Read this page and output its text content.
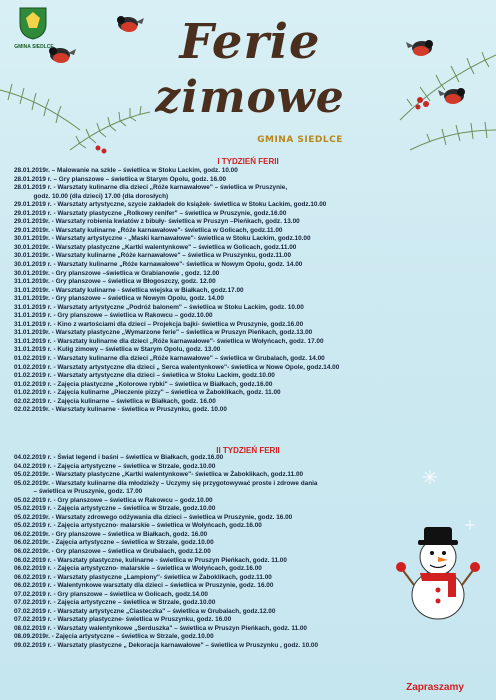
GMINA SIEDLCE	Ferie
zimowe
GMINA SIEDLCE
I TYDZIEŃ FERII
28.01.2019r. – Malowanie na szkle – świetlica w Stoku Lackim, godz. 10.00
28.01.2019 r. – Gry planszowe – świetlica w Starym Opolu, godz. 16.00
28.01.2019 r. - Warsztaty kulinarne dla dzieci „Róże karnawałowe" – świetlica w Pruszynie,
godz. 10.00 (dla dzieci) 17.00 (dla dorosłych)
29.01.2019 r. - Warsztaty artystyczne, szycie zakładek do książek- świetlica w Stoku Lackim, godz.10.00
29.01.2019 r. - Warsztaty plastyczne „Rolkowy renifer" – świetlica w Pruszynie, godz.16.00
29.01.2019r. - Warsztaty robienia kwiatów z bibuły- świetlica w Pruszyn –Pieńkach, godz. 13.00
29.01.2019r. - Warsztaty kulinarne „Róże karnawałowe"- świetlica w Golicach, godz.11.00
30.01.2019r. - Warsztaty artystyczne - „Maski karnawałowe"- świetlica w Stoku Lackim, godz.10.00
30.01.2019r. - Warsztaty plastyczne „Kartki walentynkowe" – świetlica w Golicach, godz.11.00
30.01.2019r. - Warsztaty kulinarne „Róże karnawałowe" – świetlica w Pruszynku, godz.11.00
30.01.2019 r. - Warsztaty kulinarne „Róże karnawałowe"- świetlica w Nowym Opolu, godz. 14.00
30.01.2019r. - Gry planszowe –świetlica w Grabianowie , godz. 12.00
31.01.2019r. - Gry planszowe – świetlica w Błogoszczy, godz. 12.00
31.01.2019r. - Warsztaty kulinarne - świetlica wiejska w Białkach, godz.17.00
31.01.2019r. - Gry planszowe – świetlica w Nowym Opolu, godz. 14.00
31.01.2019 r. - Warsztaty artystyczne „Podróż balonem" – świetlica w Stoku Lackim, godz. 10.00
31.01.2019 r. - Gry planszowe – świetlica w Rakowcu – godz.10.00
31.01.2019 r. - Kino z wartościami dla dzieci – Projekcja bajki- świetlica w Pruszynie, godz.16.00
31.01.2019r. - Warsztaty plastyczne „Wymarzone ferie" – świetlica w Pruszyn Pieńkach, godz.13.00
31.01.2019 r. - Warsztaty kulinarne dla dzieci „Róże karnawałowe"- świetlica w Wołyńcach, godz. 17.00
31.01.2019 r. - Kulig zimowy – świetlica w Starym Opolu, godz. 13.00
01.02.2019 r. - Warsztaty kulinarne dla dzieci „Róże karnawałowe" – świetlica w Grubalach, godz. 14.00
01.02.2019 r. - Warsztaty artystyczne dla dzieci „ Serca walentynkowe"- świetlica w Nowe Opole, godz.14.00
01.02.2019 r. - Warsztaty artystyczne dla dzieci – świetlica w Stoku Lackim, godz.10.00
01.02.2019 r. - Zajęcia plastyczne „Kolorowe rybki" – świetlica w Białkach, godz.16.00
01.02.2019 r. - Zajęcia kulinarne „Pieczenie pizzy" – świetlica w Żaboklikach, godz. 11.00
02.02.2019 r. - Zajęcia kulinarne – świetlica w Białkach, godz. 16.00
02.02.2019r. - Warsztaty kulinarne - świetlica w Pruszynku, godz. 10.00
II TYDZIEŃ FERII
04.02.2019 r. - Świat legend i baśni – świetlica w Białkach, godz.16.00
04.02.2019 r. - Zajęcia artystyczne – świetlica w Strzale, godz.10.00
05.02.2019r. - Warsztaty plastyczne „Kartki walentynkowe"- świetlica w Żaboklikach, godz.11.00
05.02.2019r. - Warsztaty kulinarne dla młodzieży – Uczymy się przygotowywać proste i zdrowe dania
– świetlica w Pruszynie, godz. 17.00
05.02.2019 r. - Gry planszowe – świetlica w Rakowcu – godz.10.00
05.02.2019 r. - Zajęcia artystyczne – świetlica w Strzale, godz.10.00
05.02.2019r. - Warsztaty zdrowego odżywania dla dzieci – świetlica w Pruszynie, godz. 16.00
05.02.2019 r. - Zajęcia artystyczno- malarskie – świetlica w Wołyńcach, godz.16.00
06.02.2019r. - Gry planszowe – świetlica w Białkach, godz. 16.00
06.02.2019r. - Zajęcia artystyczne – świetlica w Strzale, godz.10.00
06.02.2019r. - Gry planszowe – świetlica w Grubalach, godz.12.00
06.02.2019 r. - Warsztaty plastyczne, kulinarne - świetlica w Pruszyn Pieńkach, godz. 11.00
06.02.2019 r. - Zajęcia artystyczno- malarskie – świetlica w Wołyńcach, godz.16.00
06.02.2019 r. - Warsztaty plastyczne „Lampiony"- świetlica w Żaboklikach, godz.11.00
06.02.2019 r. - Walentynkowe warsztaty dla dzieci – świetlica w Pruszynie, godz. 16.00
07.02.2019 r. - Gry planszowe – świetlica w Golicach, godz.14.00
07.02.2019 r. - Zajęcia artystyczne – świetlica w Strzale, godz.10.00
07.02.2019 r. - Warsztaty artystyczne „Ciasteczka" – świetlica w Grubalach, godz.12.00
07.02.2019 r. - Warsztaty plastyczne- świetlica w Pruszynku, godz. 16.00
08.02.2019 r. - Warsztaty walentynkowe „Serduszka" – świetlica w Pruszyn Pieńkach, godz. 11.00
08.09.2019r. - Zajęcia artystyczne – świetlica w Strzale, godz.10.00
09.02.2019 r. - Warsztaty plastyczne „ Dekoracja karnawałowe" – świetlica w Pruszynku , godz. 10.00
Zapraszamy
